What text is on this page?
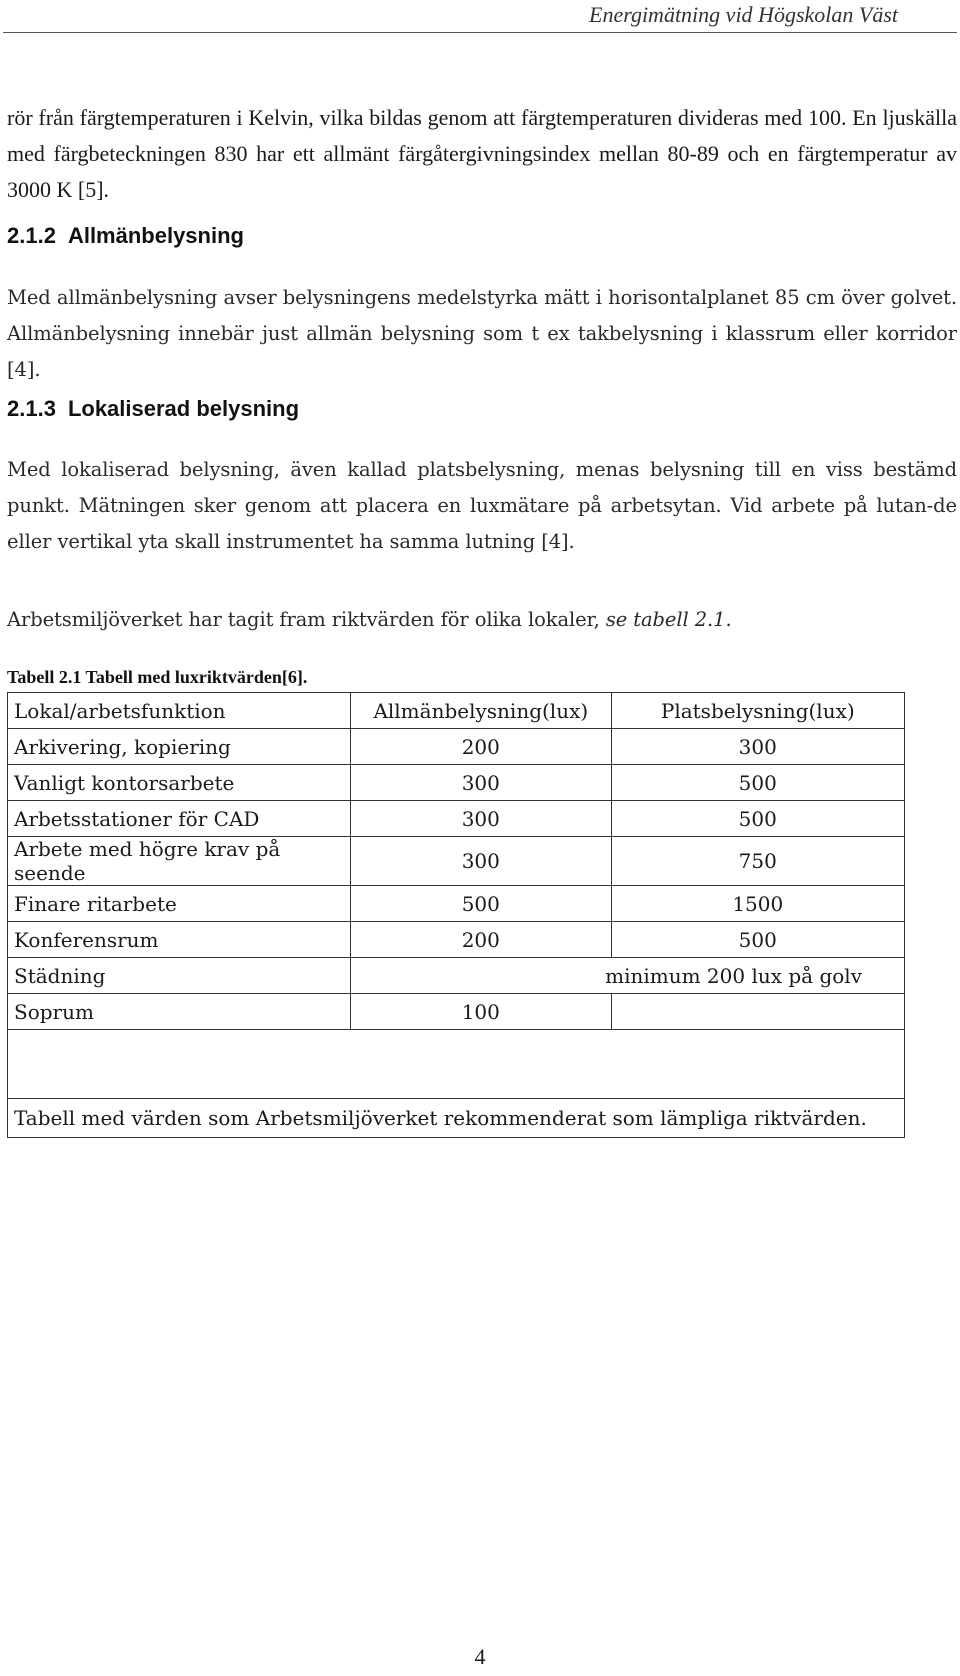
Energimätning vid Högskolan Väst

rör från färgtemperaturen i Kelvin, vilka bildas genom att färgtemperaturen divideras med 100. En ljuskälla med färgbeteckningen 830 har ett allmänt färgåtergivningsindex mellan 80-89 och en färgtemperatur av 3000 K [5].

2.1.2 Allmänbelysning

Med allmänbelysning avser belysningens medelstyrka mätt i horisontalplanet 85 cm över golvet. Allmänbelysning innebär just allmän belysning som t ex takbelysning i klassrum eller korridor [4].

2.1.3 Lokaliserad belysning

Med lokaliserad belysning, även kallad platsbelysning, menas belysning till en viss bestämd punkt. Mätningen sker genom att placera en luxmätare på arbetsytan. Vid arbete på lutan-de eller vertikal yta skall instrumentet ha samma lutning [4].

Arbetsmiljöverket har tagit fram riktvärden för olika lokaler, se tabell 2.1.

Tabell 2.1 Tabell med luxriktvärden[6].
Lokal/arbetsfunktion	Allmänbelysning(lux)	Platsbelysning(lux)
Arkivering, kopiering	200	300
Vanligt kontorsarbete	300	500
Arbetsstationer för CAD	300	500
Arbete med högre krav på seende	300	750
Finare ritarbete	500	1500
Konferensrum	200	500
Städning	minimum 200 lux på golv	
Soprum	100	

Tabell med värden som Arbetsmiljöverket rekommenderat som lämpliga riktvärden.		
4
